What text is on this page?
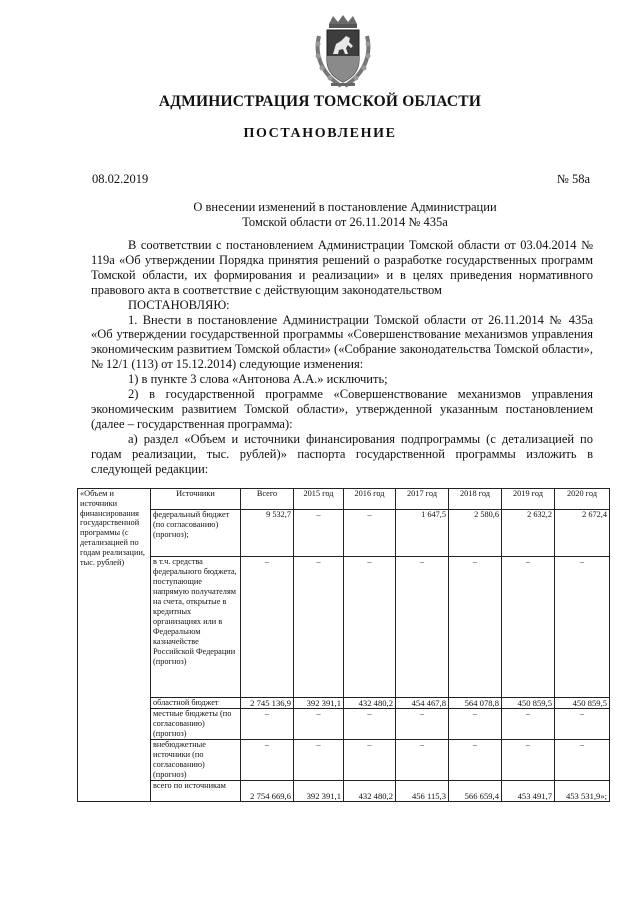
АДМИНИСТРАЦИЯ ТОМСКОЙ ОБЛАСТИ
ПОСТАНОВЛЕНИЕ
08.02.2019	№ 58а
О внесении изменений в постановление Администрации
Томской области от 26.11.2014 № 435а

В соответствии с постановлением Администрации Томской области от 03.04.2014 № 119а «Об утверждении Порядка принятия решений о разработке государственных программ Томской области, их формирования и реализации» и в целях приведения нормативного правового акта в соответствие с действующим законодательством

ПОСТАНОВЛЯЮ:

1. Внести в постановление Администрации Томской области от 26.11.2014 № 435а «Об утверждении государственной программы «Совершенствование механизмов управления экономическим развитием Томской области» («Собрание законодательства Томской области», № 12/1 (113) от 15.12.2014) следующие изменения:

1) в пункте 3 слова «Антонова А.А.» исключить;

2) в государственной программе «Совершенствование механизмов управления экономическим развитием Томской области», утвержденной указанным постановлением (далее – государственная программа):

а) раздел «Объем и источники финансирования подпрограммы (с детализацией по годам реализации, тыс. рублей)» паспорта государственной программы изложить в следующей редакции:

«Объем и источники финансирования государственной программы (с детализацией по годам реализации, тыс. рублей)	Источники	Всего	2015 год	2016 год	2017 год	2018 год	2019 год	2020 год
	федеральный бюджет (по согласованию) (прогноз);	9 532,7	–	–	1 647,5	2 580,6	2 632,2	2 672,4
	в т.ч. средства федерального бюджета, поступающие напрямую получателям на счета, открытые в кредитных организациях или в Федеральном казначействе Российской Федерации (прогноз)	–	–	–	–	–	–	–
	областной бюджет	2 745 136,9	392 391,1	432 480,2	454 467,8	564 078,8	450 859,5	450 859,5
	местные бюджеты (по согласованию) (прогноз)	–	–	–	–	–	–	–
	внебюджетные источники (по согласованию) (прогноз)	–	–	–	–	–	–	–
	всего по источникам	2 754 669,6	392 391,1	432 480,2	456 115,3	566 659,4	453 491,7	453 531,9»;
